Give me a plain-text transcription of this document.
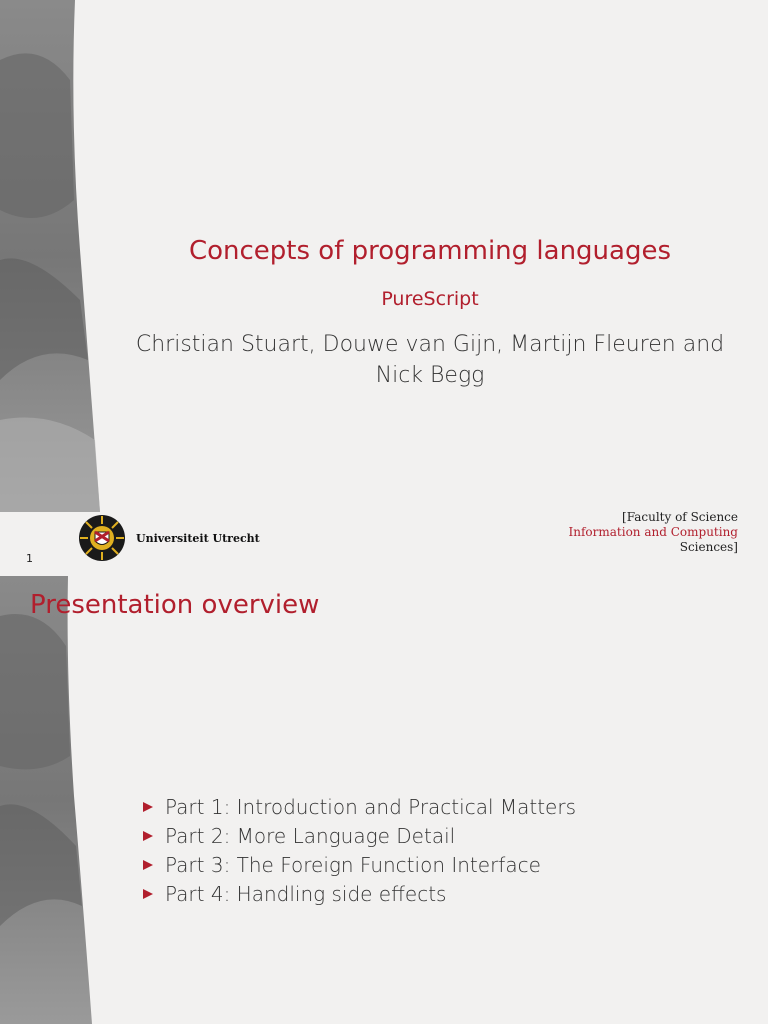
Concepts of programming languages
PureScript
Christian Stuart, Douwe van Gijn, Martijn Fleuren and Nick Begg
Universiteit Utrecht
[Faculty of Science
Information and Computing
Sciences]
1
Presentation overview
Part 1: Introduction and Practical Matters
Part 2: More Language Detail
Part 3: The Foreign Function Interface
Part 4: Handling side effects
